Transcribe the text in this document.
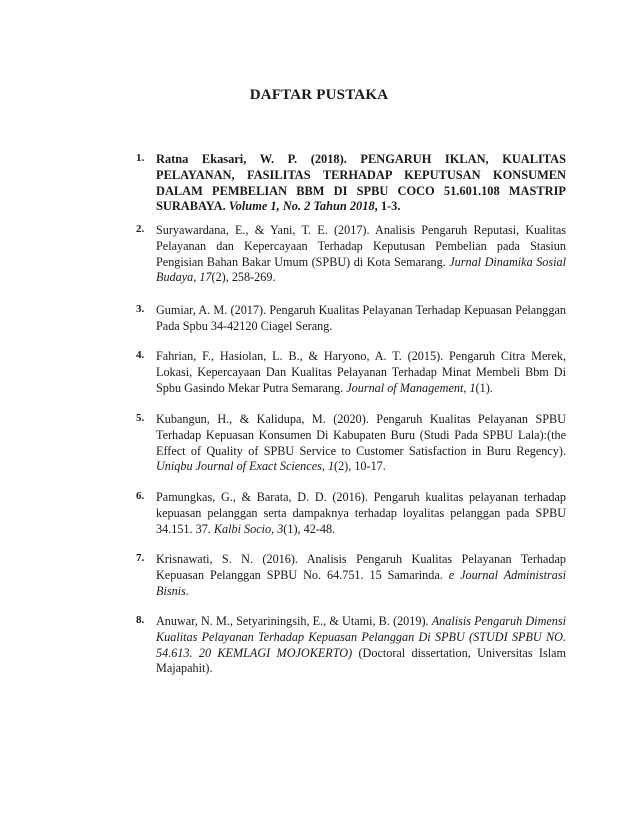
DAFTAR PUSTAKA
1. Ratna Ekasari, W. P. (2018). PENGARUH IKLAN, KUALITAS PELAYANAN, FASILITAS TERHADAP KEPUTUSAN KONSUMEN DALAM PEMBELIAN BBM DI SPBU COCO 51.601.108 MASTRIP SURABAYA. Volume 1, No. 2 Tahun 2018, 1-3.
2. Suryawardana, E., & Yani, T. E. (2017). Analisis Pengaruh Reputasi, Kualitas Pelayanan dan Kepercayaan Terhadap Keputusan Pembelian pada Stasiun Pengisian Bahan Bakar Umum (SPBU) di Kota Semarang. Jurnal Dinamika Sosial Budaya, 17(2), 258-269.
3. Gumiar, A. M. (2017). Pengaruh Kualitas Pelayanan Terhadap Kepuasan Pelanggan Pada Spbu 34-42120 Ciagel Serang.
4. Fahrian, F., Hasiolan, L. B., & Haryono, A. T. (2015). Pengaruh Citra Merek, Lokasi, Kepercayaan Dan Kualitas Pelayanan Terhadap Minat Membeli Bbm Di Spbu Gasindo Mekar Putra Semarang. Journal of Management, 1(1).
5. Kubangun, H., & Kalidupa, M. (2020). Pengaruh Kualitas Pelayanan SPBU Terhadap Kepuasan Konsumen Di Kabupaten Buru (Studi Pada SPBU Lala):(the Effect of Quality of SPBU Service to Customer Satisfaction in Buru Regency). Uniqbu Journal of Exact Sciences, 1(2), 10-17.
6. Pamungkas, G., & Barata, D. D. (2016). Pengaruh kualitas pelayanan terhadap kepuasan pelanggan serta dampaknya terhadap loyalitas pelanggan pada SPBU 34.151. 37. Kalbi Socio, 3(1), 42-48.
7. Krisnawati, S. N. (2016). Analisis Pengaruh Kualitas Pelayanan Terhadap Kepuasan Pelanggan SPBU No. 64.751. 15 Samarinda. e Journal Administrasi Bisnis.
8. Anuwar, N. M., Setyariningsih, E., & Utami, B. (2019). Analisis Pengaruh Dimensi Kualitas Pelayanan Terhadap Kepuasan Pelanggan Di SPBU (STUDI SPBU NO. 54.613. 20 KEMLAGI MOJOKERTO) (Doctoral dissertation, Universitas Islam Majapahit).
